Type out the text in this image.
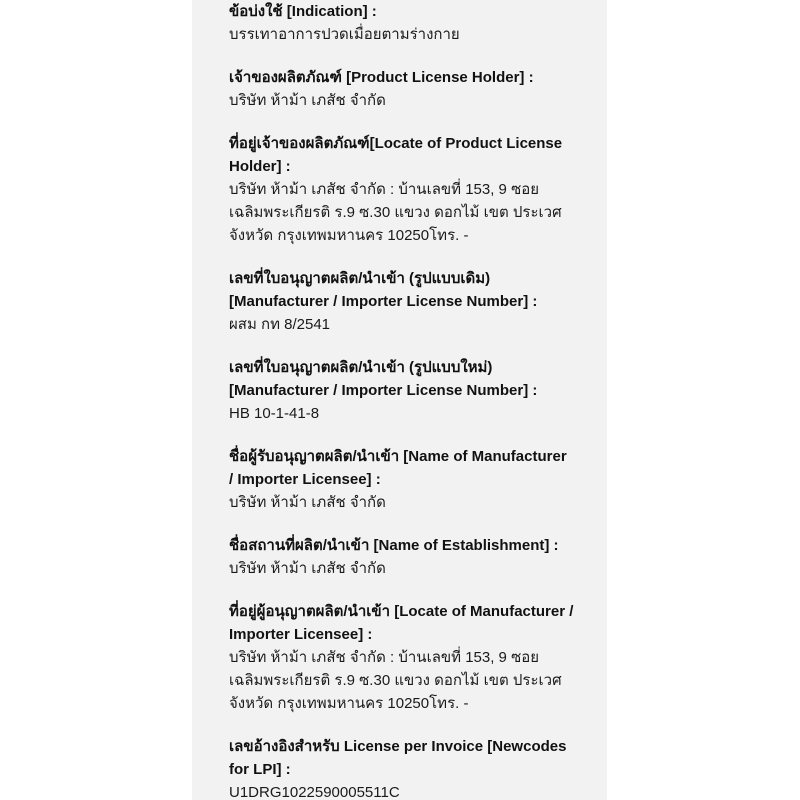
ข้อบ่งใช้ [Indication] :
บรรเทาอาการปวดเมื่อยตามร่างกาย
เจ้าของผลิตภัณฑ์ [Product License Holder] :
บริษัท ห้าม้า เภสัช จำกัด
ที่อยู่เจ้าของผลิตภัณฑ์[Locate of Product License
Holder] :
บริษัท ห้าม้า เภสัช จำกัด : บ้านเลขที่ 153, 9 ซอย
เฉลิมพระเกียรติ ร.9 ซ.30 แขวง ดอกไม้ เขต ประเวศ
จังหวัด กรุงเทพมหานคร 10250โทร. -
เลขที่ใบอนุญาตผลิต/นำเข้า (รูปแบบเดิม)
[Manufacturer / Importer License Number] :
ผสม กท 8/2541
เลขที่ใบอนุญาตผลิต/นำเข้า (รูปแบบใหม่)
[Manufacturer / Importer License Number] :
HB 10-1-41-8
ชื่อผู้รับอนุญาตผลิต/นำเข้า [Name of Manufacturer
/ Importer Licensee] :
บริษัท ห้าม้า เภสัช จำกัด
ชื่อสถานที่ผลิต/นำเข้า [Name of Establishment] :
บริษัท ห้าม้า เภสัช จำกัด
ที่อยู่ผู้อนุญาตผลิต/นำเข้า [Locate of Manufacturer /
Importer Licensee] :
บริษัท ห้าม้า เภสัช จำกัด : บ้านเลขที่ 153, 9 ซอย
เฉลิมพระเกียรติ ร.9 ซ.30 แขวง ดอกไม้ เขต ประเวศ
จังหวัด กรุงเทพมหานคร 10250โทร. -
เลขอ้างอิงสำหรับ License per Invoice [Newcodes
for LPI] :
U1DRG1022590005511C
